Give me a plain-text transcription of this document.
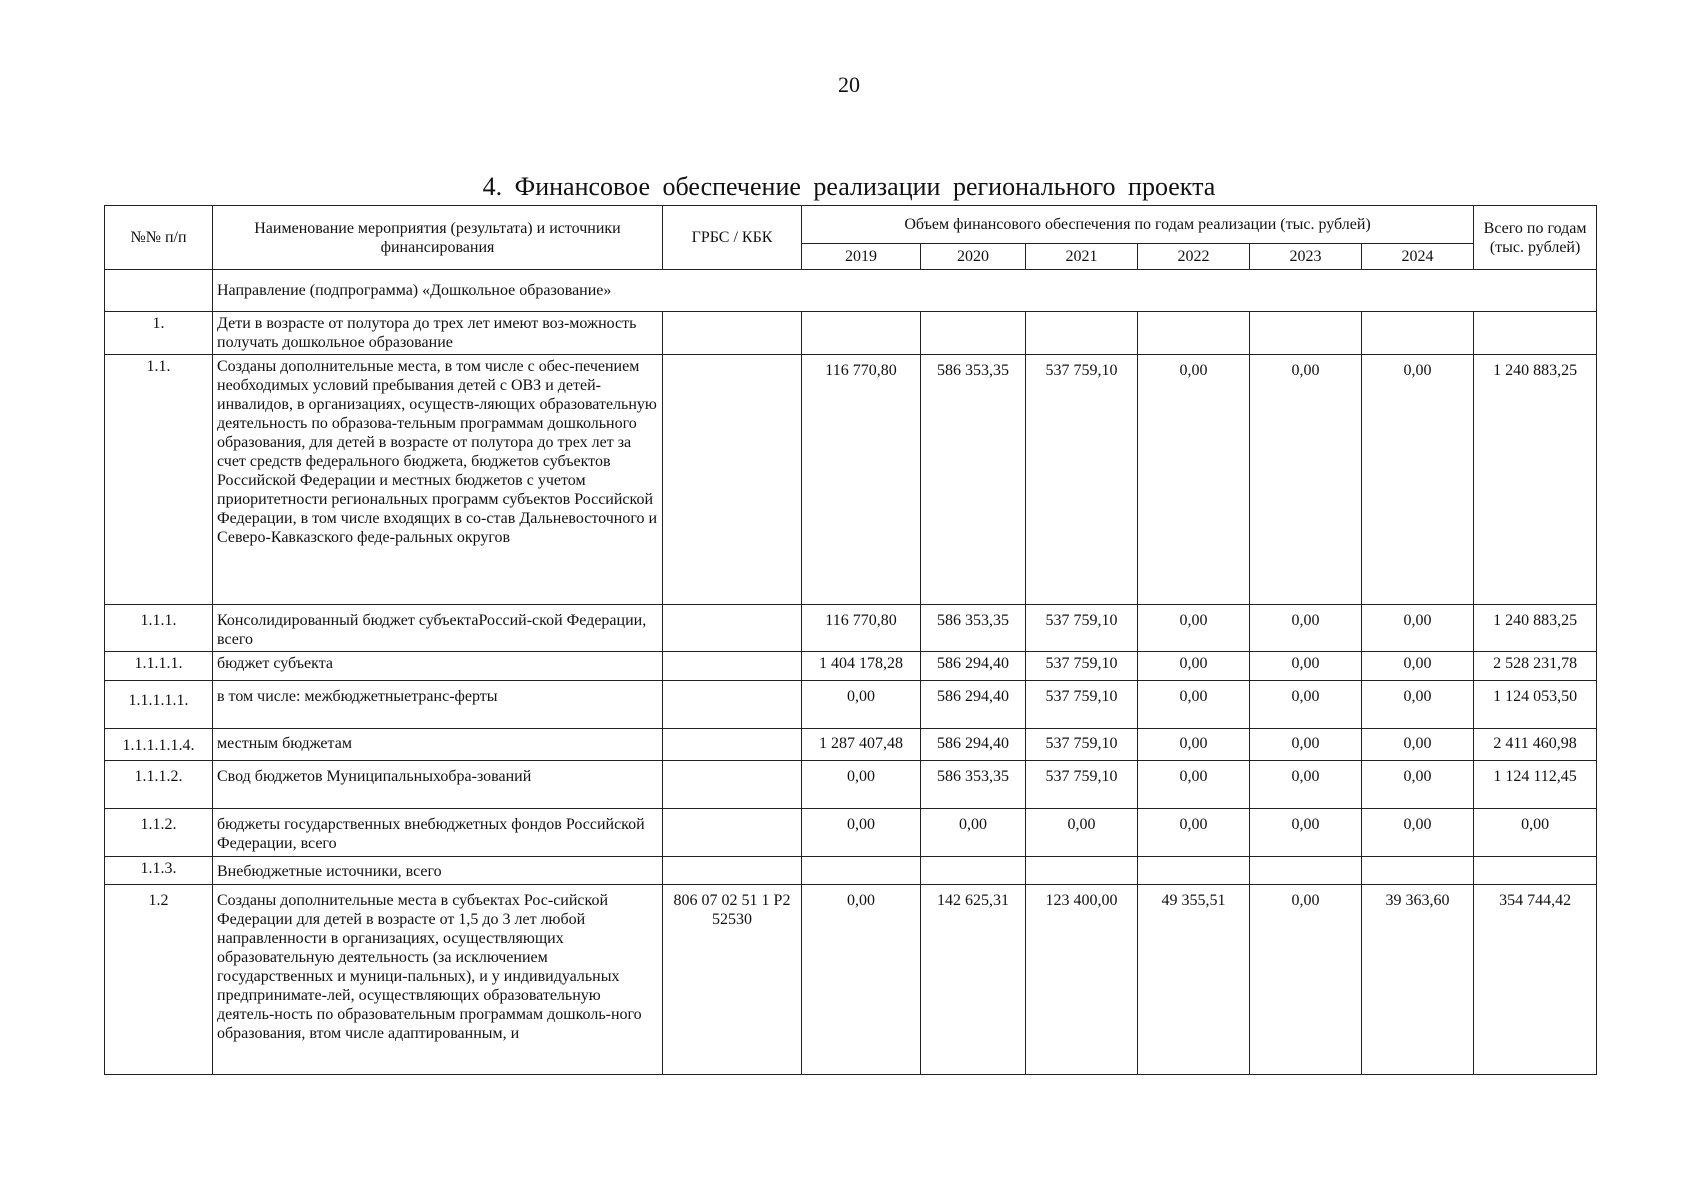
20
4. Финансовое обеспечение реализации регионального проекта
№№ п/п	Наименование мероприятия (результата) и источники финансирования	ГРБС / КБК	Объем финансового обеспечения по годам реализации (тыс. рублей)						Всего по годам (тыс. рублей)
			2019	2020	2021	2022	2023	2024	
	Направление (подпрограмма) «Дошкольное образование»								
1.	Дети в возрасте от полутора до трех лет имеют воз-можность получать дошкольное образование								
1.1.	Созданы дополнительные места, в том числе с обес-печением необходимых условий пребывания детей с ОВЗ и детей- инвалидов, в организациях, осуществ-ляющих образовательную деятельность по образова-тельным программам дошкольного образования, для детей в возрасте от полутора до трех лет за счет средств федерального бюджета, бюджетов субъектов Российской Федерации и местных бюджетов с учетом приоритетности региональных программ субъектов Российской Федерации, в том числе входящих в со-став Дальневосточного и Северо-Кавказского феде-ральных округов		116 770,80	586 353,35	537 759,10	0,00	0,00	0,00	1 240 883,25
1.1.1.	Консолидированный бюджет субъектаРоссий-ской Федерации, всего		116 770,80	586 353,35	537 759,10	0,00	0,00	0,00	1 240 883,25
1.1.1.1.	бюджет субъекта		1 404 178,28	586 294,40	537 759,10	0,00	0,00	0,00	2 528 231,78
1.1.1.1.1.	в том числе: межбюджетныетранс-ферты		0,00	586 294,40	537 759,10	0,00	0,00	0,00	1 124 053,50
1.1.1.1.1.4.	местным бюджетам		1 287 407,48	586 294,40	537 759,10	0,00	0,00	0,00	2 411 460,98
1.1.1.2.	Свод бюджетов Муниципальныхобра-зований		0,00	586 353,35	537 759,10	0,00	0,00	0,00	1 124 112,45
1.1.2.	бюджеты государственных внебюджетных фондов Российской Федерации, всего		0,00	0,00	0,00	0,00	0,00	0,00	0,00
1.1.3.	Внебюджетные источники, всего								
1.2	Созданы дополнительные места в субъектах Рос-сийской Федерации для детей в возрасте от 1,5 до 3 лет любой направленности в организациях, осуществляющих образовательную деятельность (за исключением государственных и муници-пальных), и у индивидуальных предпринимате-лей, осуществляющих образовательную деятель-ность по образовательным программам дошколь-ного образования, втом числе адаптированным, и	806 07 02 51 1 Р2 52530	0,00	142 625,31	123 400,00	49 355,51	0,00	39 363,60	354 744,42
